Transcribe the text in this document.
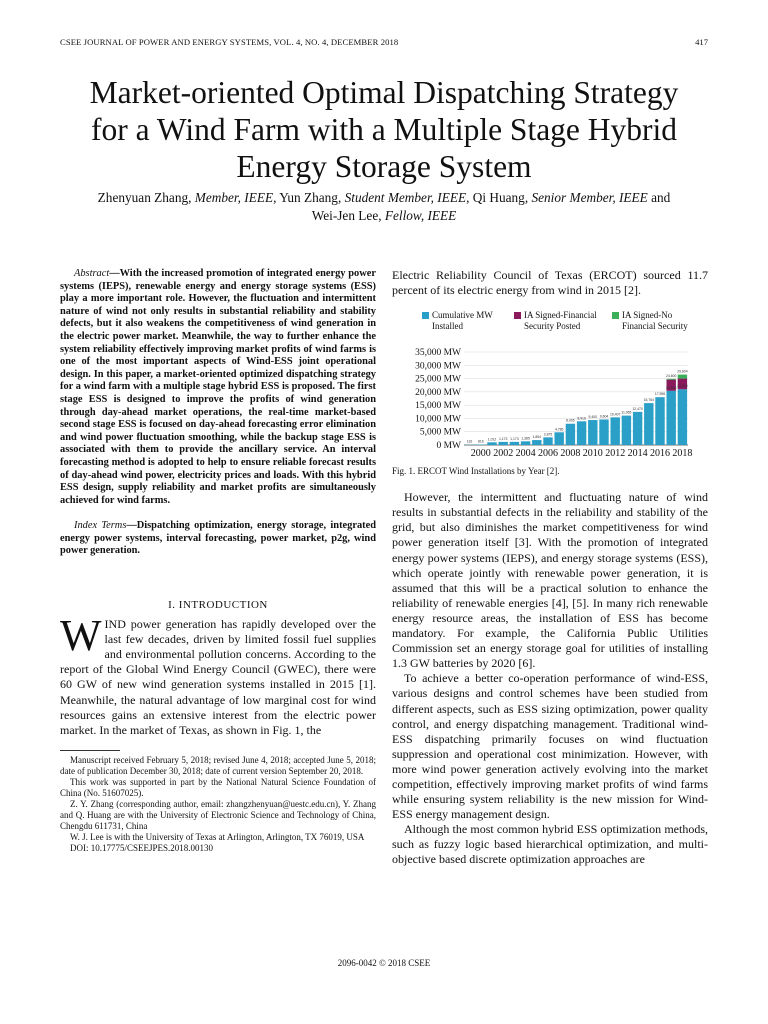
CSEE JOURNAL OF POWER AND ENERGY SYSTEMS, VOL. 4, NO. 4, DECEMBER 2018	417
Market-oriented Optimal Dispatching Strategy
for a Wind Farm with a Multiple Stage Hybrid
Energy Storage System
Zhenyuan Zhang, Member, IEEE, Yun Zhang, Student Member, IEEE, Qi Huang, Senior Member, IEEE and
Wei-Jen Lee, Fellow, IEEE

Abstract—With the increased promotion of integrated energy power systems (IEPS), renewable energy and energy storage systems (ESS) play a more important role. However, the fluctuation and intermittent nature of wind not only results in substantial reliability and stability defects, but it also weakens the competitiveness of wind generation in the electric power market. Meanwhile, the way to further enhance the system reliability effectively improving market profits of wind farms is one of the most important aspects of Wind-ESS joint operational design. In this paper, a market-oriented optimized dispatching strategy for a wind farm with a multiple stage hybrid ESS is proposed. The first stage ESS is designed to improve the profits of wind generation through day-ahead market operations, the real-time market-based second stage ESS is focused on day-ahead forecasting error elimination and wind power fluctuation smoothing, while the backup stage ESS is associated with them to provide the ancillary service. An interval forecasting method is adopted to help to ensure reliable forecast results of day-ahead wind power, electricity prices and loads. With this hybrid ESS design, supply reliability and market profits are simultaneously achieved for wind farms.

Index Terms—Dispatching optimization, energy storage, integrated energy power systems, interval forecasting, power market, p2g, wind power generation.

I. INTRODUCTION

WIND power generation has rapidly developed over the last few decades, driven by limited fossil fuel supplies and environmental pollution concerns. According to the report of the Global Wind Energy Council (GWEC), there were 60 GW of new wind generation systems installed in 2015 [1]. Meanwhile, the natural advantage of low marginal cost for wind resources gains an extensive interest from the electric power market. In the market of Texas, as shown in Fig. 1, the

Manuscript received February 5, 2018; revised June 4, 2018; accepted June 5, 2018; date of publication December 30, 2018; date of current version September 20, 2018.

This work was supported in part by the National Natural Science Foundation of China (No. 51607025).

Z. Y. Zhang (corresponding author, email: zhangzhenyuan@uestc.edu.cn), Y. Zhang and Q. Huang are with the University of Electronic Science and Technology of China, Chengdu 611731, China

W. J. Lee is with the University of Texas at Arlington, Arlington, TX 76019, USA

DOI: 10.17775/CSEEJPES.2018.00130

Electric Reliability Council of Texas (ERCOT) sourced 11.7 percent of its electric energy from wind in 2015 [2].

Cumulative MW
Installed
IA Signed-Financial
Security Posted
IA Signed-No
Financial Security
0 MW
5,000 MW
10,000 MW
15,000 MW
20,000 MW
25,000 MW
30,000 MW
35,000 MW
116 816
1,012 1,173 1,173 1,385 1,854
2,875
4,785
8,005
8,916 9,400 9,604
10,407 11,065
12,470
15,764
17,996
20,400
24,600
21,000
29,604
2000 2002 2004 2006 2008 2010 2012 2014 2016 2018
Fig. 1. ERCOT Wind Installations by Year [2].

However, the intermittent and fluctuating nature of wind results in substantial defects in the reliability and stability of the grid, but also diminishes the market competitiveness for wind power generation itself [3]. With the promotion of integrated energy power systems (IEPS), and energy storage systems (ESS), which operate jointly with renewable power generation, it is assumed that this will be a practical solution to enhance the reliability of renewable energies [4], [5]. In many rich renewable energy resource areas, the installation of ESS has become mandatory. For example, the California Public Utilities Commission set an energy storage goal for utilities of installing 1.3 GW batteries by 2020 [6].

To achieve a better co-operation performance of wind-ESS, various designs and control schemes have been studied from different aspects, such as ESS sizing optimization, power quality control, and energy dispatching management. Traditional wind-ESS dispatching primarily focuses on wind fluctuation suppression and operational cost minimization. However, with more wind power generation actively evolving into the market competition, effectively improving market profits of wind farms while ensuring system reliability is the new mission for Wind-ESS energy management design.

Although the most common hybrid ESS optimization methods, such as fuzzy logic based hierarchical optimization, and multi-objective based discrete optimization approaches are

2096-0042 © 2018 CSEE
